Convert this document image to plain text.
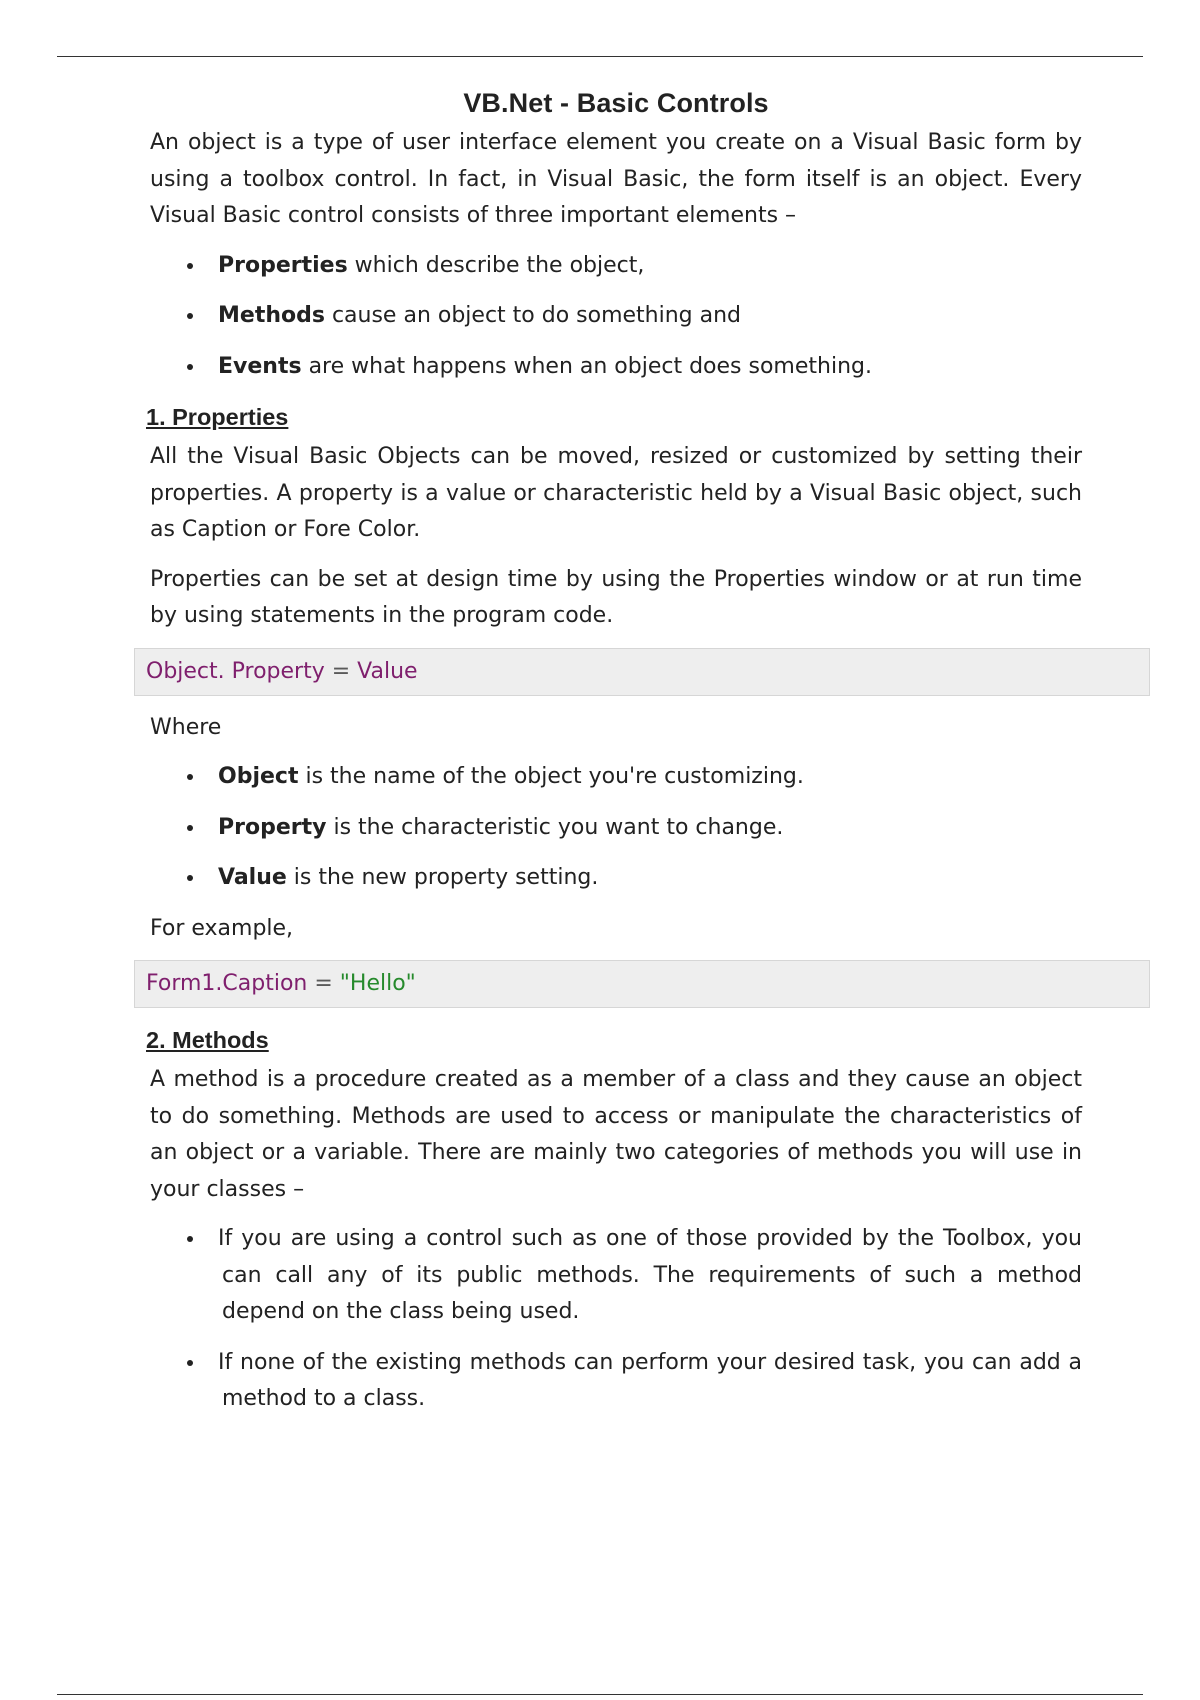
VB.Net - Basic Controls

An object is a type of user interface element you create on a Visual Basic form by using a toolbox control. In fact, in Visual Basic, the form itself is an object. Every Visual Basic control consists of three important elements –

Properties which describe the object,
Methods cause an object to do something and
Events are what happens when an object does something.
1. Properties

All the Visual Basic Objects can be moved, resized or customized by setting their properties. A property is a value or characteristic held by a Visual Basic object, such as Caption or Fore Color.

Properties can be set at design time by using the Properties window or at run time by using statements in the program code.

Object. Property = Value

Where

Object is the name of the object you're customizing.
Property is the characteristic you want to change.
Value is the new property setting.

For example,

Form1.Caption = "Hello"
2. Methods

A method is a procedure created as a member of a class and they cause an object to do something. Methods are used to access or manipulate the characteristics of an object or a variable. There are mainly two categories of methods you will use in your classes –

If you are using a control such as one of those provided by the Toolbox, you can call any of its public methods. The requirements of such a method depend on the class being used.
If none of the existing methods can perform your desired task, you can add a method to a class.
